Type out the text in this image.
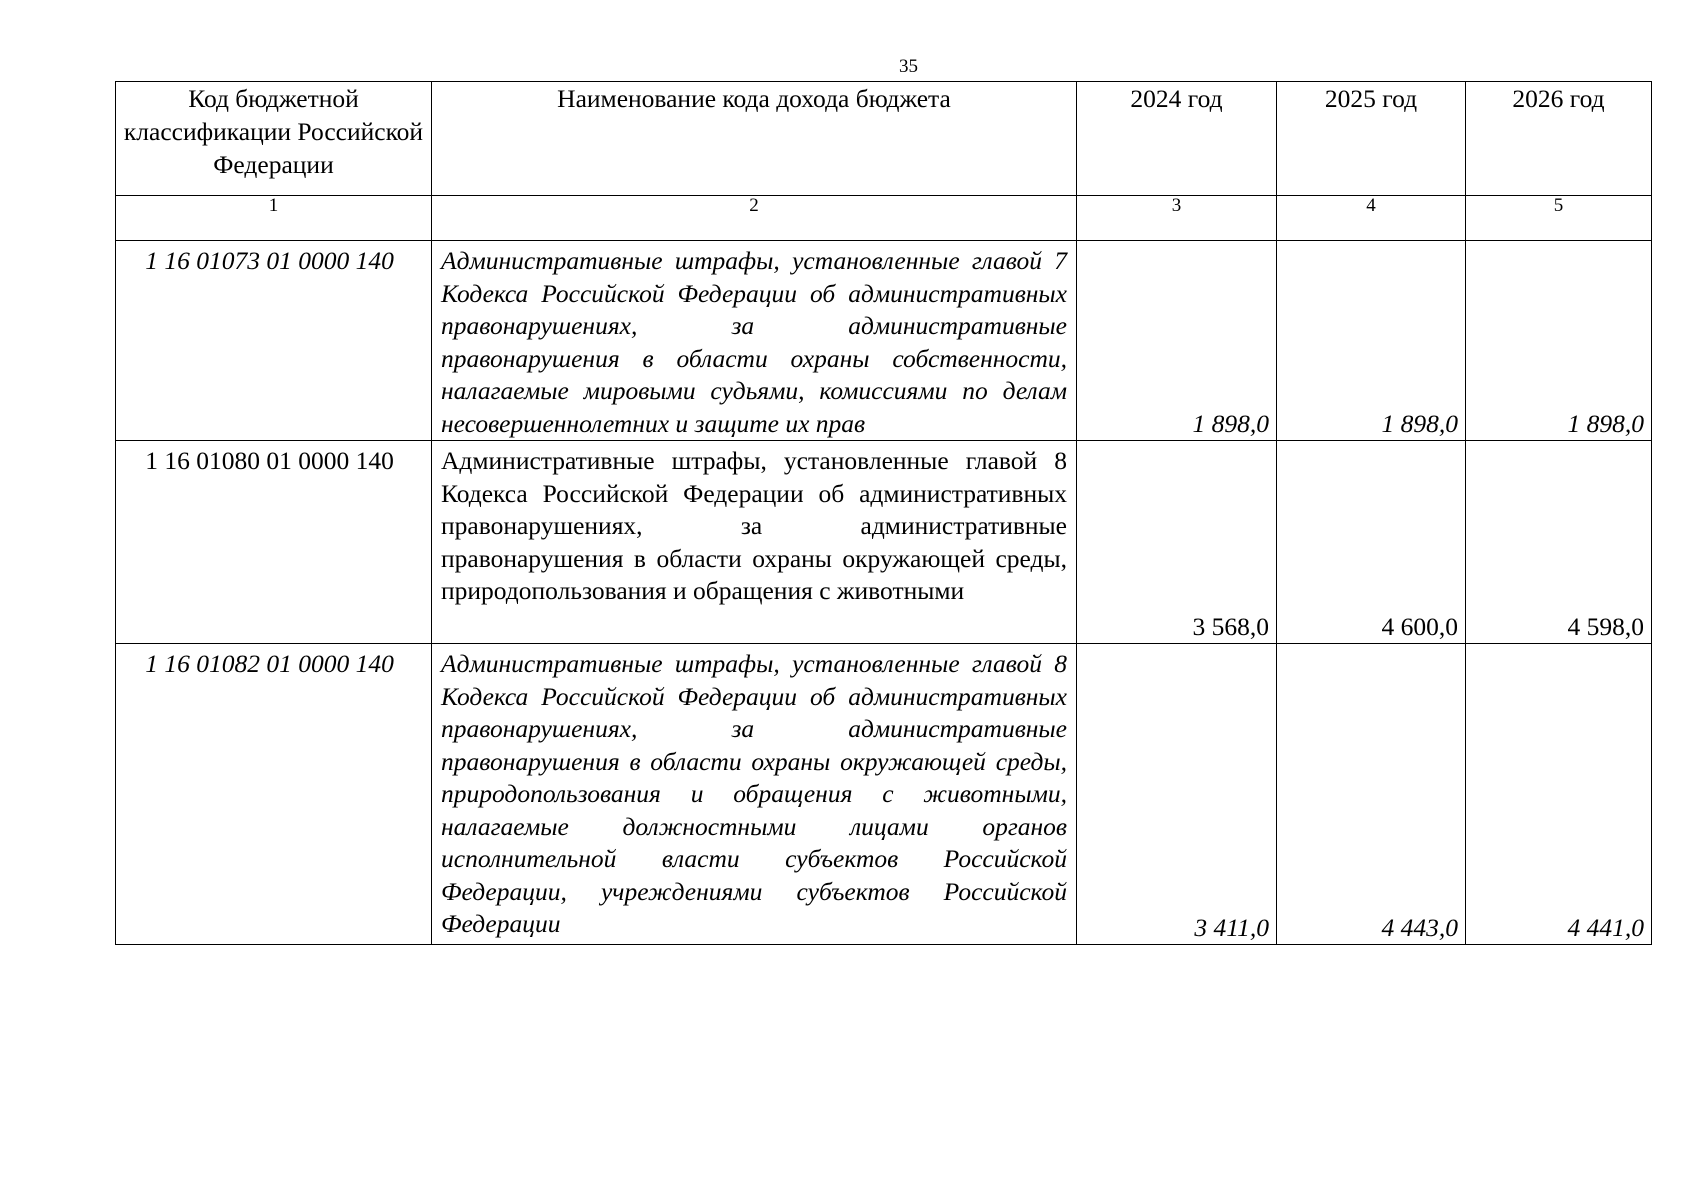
35
Код бюджетной классификации Российской Федерации	Наименование кода дохода бюджета	2024 год	2025 год	2026 год
1	2	3	4	5
1 16 01073 01 0000 140	Административные штрафы, установленные главой 7 Кодекса Российской Федерации об административных правонарушениях, за административные правонарушения в области охраны собственности, налагаемые мировыми судьями, комиссиями по делам несовершеннолетних и защите их прав	1 898,0	1 898,0	1 898,0
1 16 01080 01 0000 140	Административные штрафы, установленные главой 8 Кодекса Российской Федерации об административных правонарушениях, за административные правонарушения в области охраны окружающей среды, природопользования и обращения с животными	3 568,0	4 600,0	4 598,0
1 16 01082 01 0000 140	Административные штрафы, установленные главой 8 Кодекса Российской Федерации об административных правонарушениях, за административные правонарушения в области охраны окружающей среды, природопользования и обращения с животными, налагаемые должностными лицами органов исполнительной власти субъектов Российской Федерации, учреждениями субъектов Российской Федерации	3 411,0	4 443,0	4 441,0
